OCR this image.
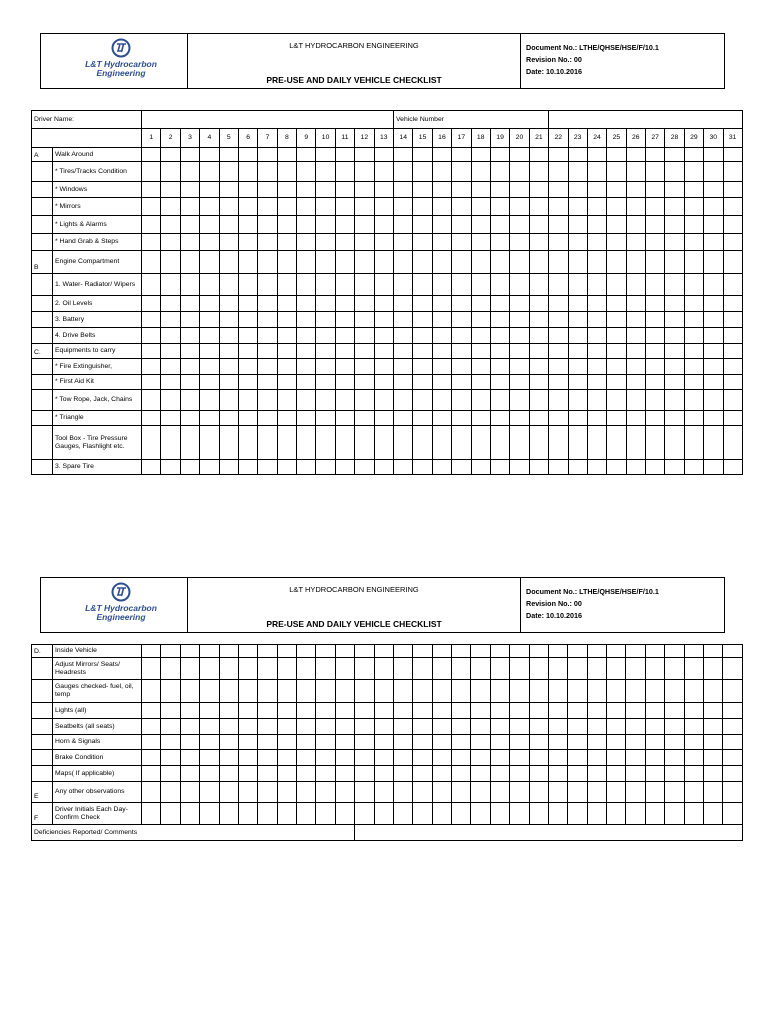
L&T Hydrocarbon
Engineering
L&T HYDROCARBON ENGINEERING
PRE-USE AND DAILY VEHICLE CHECKLIST
Document No.: LTHE/QHSE/HSE/F/10.1
Revision No.: 00
Date: 10.10.2016
Driver Name:															Vehicle Number																	
		1	2	3	4	5	6	7	8	9	10	11	12	13	14	15	16	17	18	19	20	21	22	23	24	25	26	27	28	29	30	31
A	Walk Around																															
	* Tires/Tracks Condition																															
	* Windows																															
	* Mirrors																															
	* Lights & Alarms																															
	* Hand Grab & Steps																															
B	Engine Compartment																															
	1. Water- Radiator/ Wipers																															
	2. Oil Levels																															
	3. Battery																															
	4. Drive Belts																															
C.	Equipments to carry																															
	* Fire Extinguisher,																															
	* First Aid Kit																															
	* Tow Rope, Jack, Chains																															
	* Triangle																															
	Tool Box - Tire Pressure Gauges, Flashlight etc.																															
	3. Spare Tire																															
L&T Hydrocarbon
Engineering
L&T HYDROCARBON ENGINEERING
PRE-USE AND DAILY VEHICLE CHECKLIST
Document No.: LTHE/QHSE/HSE/F/10.1
Revision No.: 00
Date: 10.10.2016
D.	Inside Vehicle																															
	Adjust Mirrors/ Seats/ Headrests																															
	Gauges checked- fuel, oil, temp																															
	Lights (all)																															
	Seatbelts (all seats)																															
	Horn & Signals																															
	Brake Condition																															
	Maps( If applicable)																															
E	Any other observations																															
F	Driver Initials Each Day- Confirm Check																															
Deficiencies Reported/ Comments																																
